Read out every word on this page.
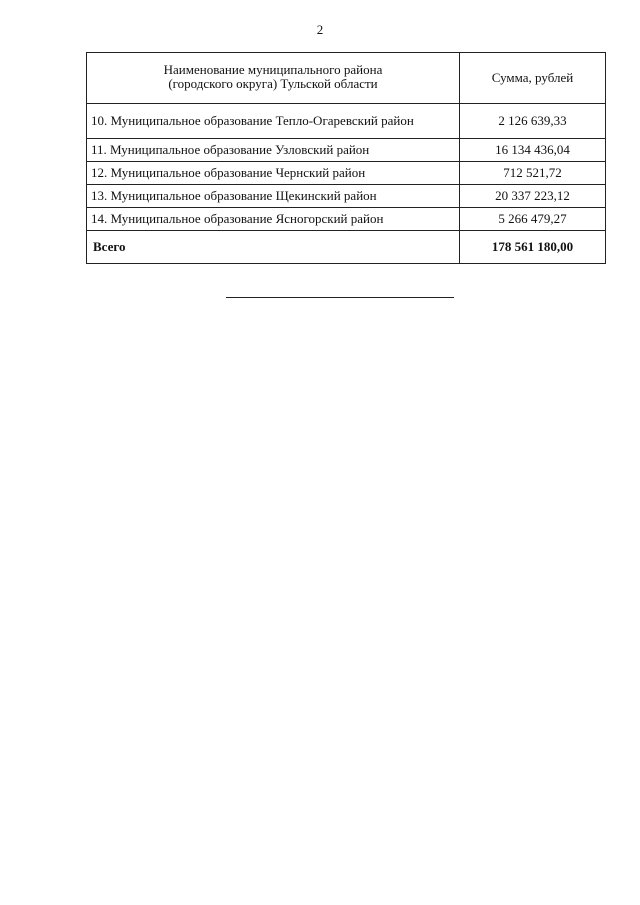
2
Наименование муниципального района
(городского округа) Тульской области	Сумма, рублей
10. Муниципальное образование Тепло-Огаревский район	2 126 639,33
11. Муниципальное образование Узловский район	16 134 436,04
12. Муниципальное образование Чернский район	712 521,72
13. Муниципальное образование Щекинский район	20 337 223,12
14. Муниципальное образование Ясногорский район	5 266 479,27
Всего	178 561 180,00
